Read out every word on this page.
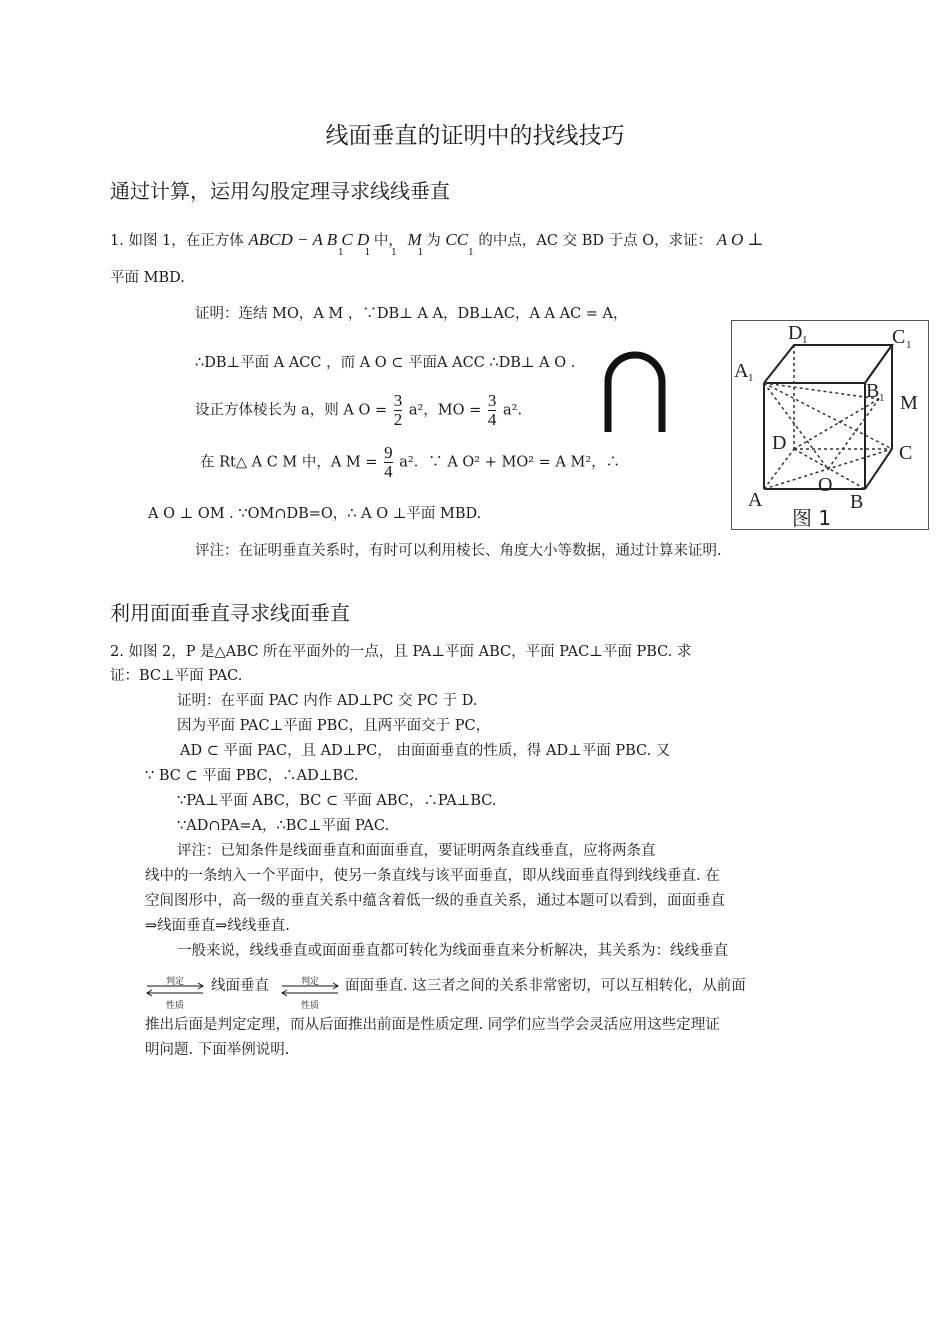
线面垂直的证明中的找线技巧
通过计算，运用勾股定理寻求线线垂直
1. 如图 1，在正方体 ABCD − A B C D 中， M 为 $CC_1$ 的中点，AC 交 BD 于点 O，求证： A O ⊥
1 1 1 1
平面 MBD.
证明：连结 MO，A M ，∵DB⊥ A A，DB⊥AC，A A AC = A，
∴DB⊥平面 A ACC ，而 A O ⊂ 平面A ACC ∴DB⊥ A O .
设正方体棱长为 a，则 A $O = \frac{3}{2} a^2$，MO = $\frac{3}{4} a^2$.
在 Rt△ A C M 中，A $M = \frac{9}{4} a^2$．∵ A O² + MO² = A M²，∴
A O ⊥ OM . ∵OM∩DB=O，∴ A O ⊥平面 MBD.
评注：在证明垂直关系时，有时可以利用棱长、角度大小等数据，通过计算来证明.
D 1	C 1
A 1
B 1 M
D	C
A
O
B
图 1
利用面面垂直寻求线面垂直
2. 如图 2，P 是△ABC 所在平面外的一点，且 PA⊥平面 ABC，平面 PAC⊥平面 PBC. 求
证：BC⊥平面 PAC.
证明：在平面 PAC 内作 AD⊥PC 交 PC 于 D.
因为平面 PAC⊥平面 PBC，且两平面交于 PC，
AD ⊂ 平面 PAC，且 AD⊥PC， 由面面垂直的性质，得 AD⊥平面 PBC. 又
∵ BC ⊂ 平面 PBC，∴AD⊥BC.
∵PA⊥平面 ABC，BC ⊂ 平面 ABC，∴PA⊥BC.
∵AD∩PA=A，∴BC⊥平面 PAC.
评注：已知条件是线面垂直和面面垂直，要证明两条直线垂直，应将两条直
线中的一条纳入一个平面中，使另一条直线与该平面垂直，即从线面垂直得到线线垂直. 在
空间图形中，高一级的垂直关系中蕴含着低一级的垂直关系，通过本题可以看到，面面垂直
⇒线面垂直⇒线线垂直.
一般来说，线线垂直或面面垂直都可转化为线面垂直来分析解决，其关系为：线线垂直
判定
性质
线面垂直	判定
性质
面面垂直. 这三者之间的关系非常密切，可以互相转化，从前面
推出后面是判定定理，而从后面推出前面是性质定理. 同学们应当学会灵活应用这些定理证
明问题. 下面举例说明.
